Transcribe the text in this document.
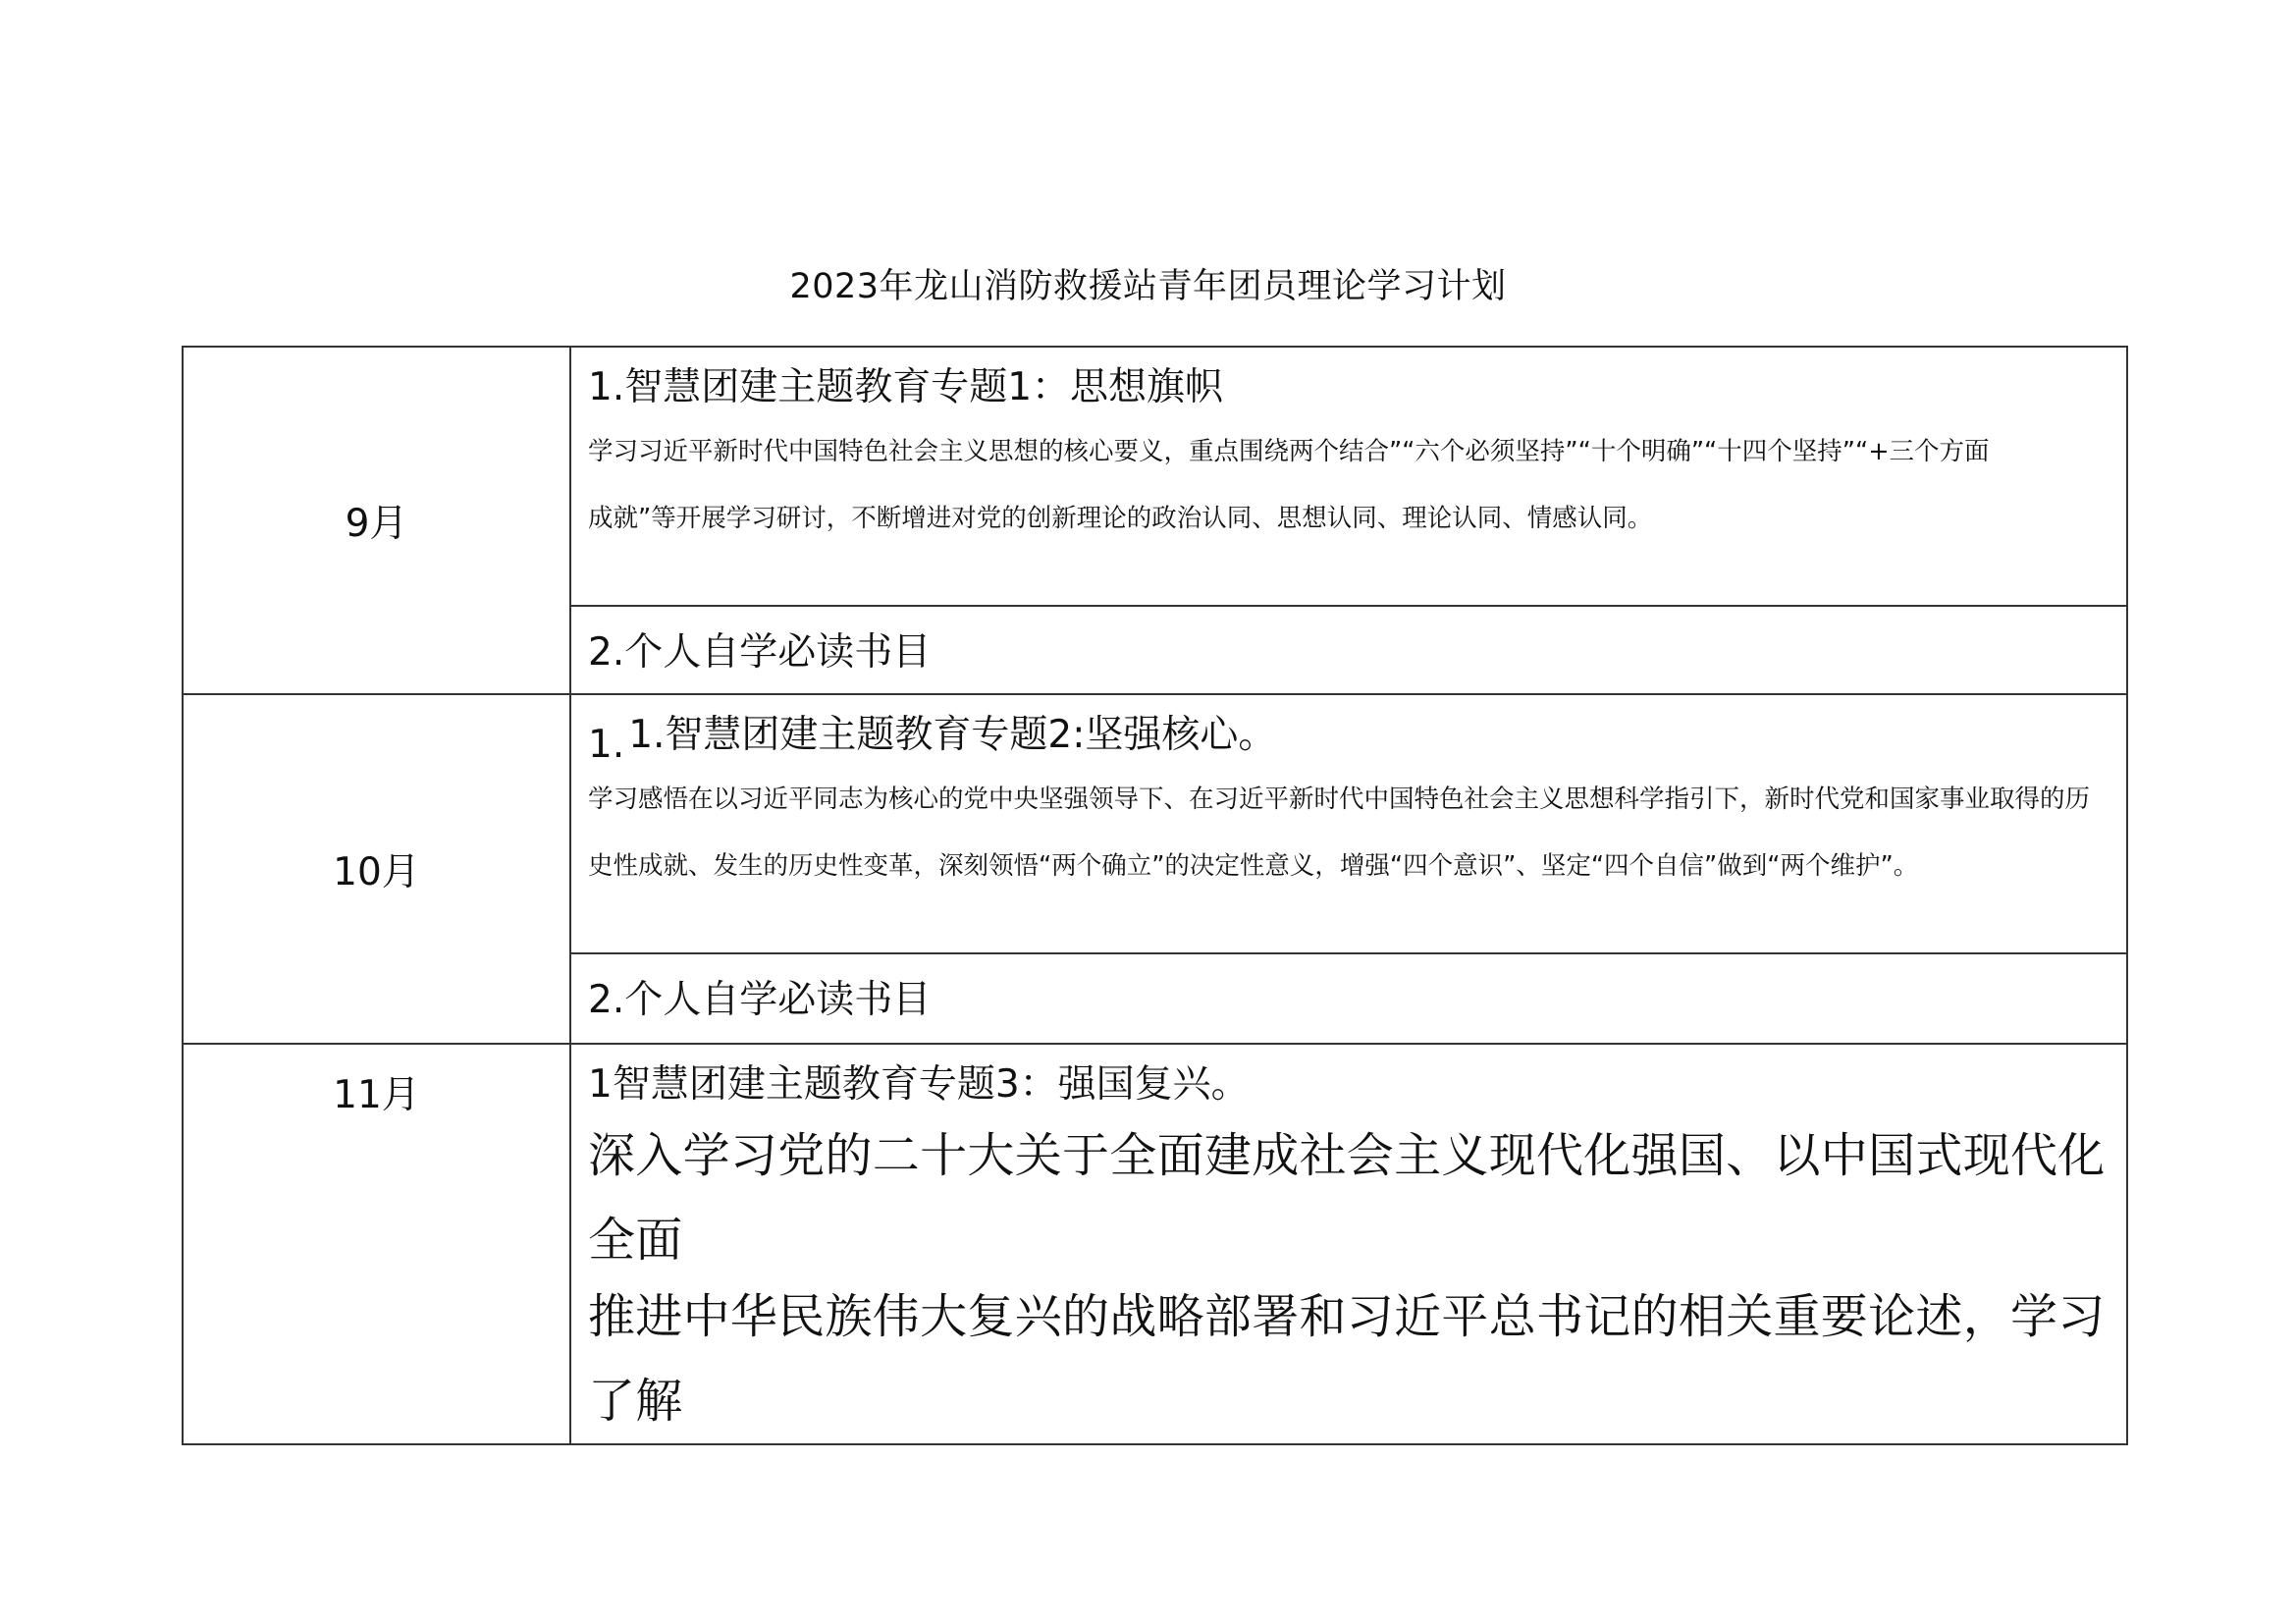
2023年龙山消防救援站青年团员理论学习计划
9月	1.智慧团建主题教育专题1：思想旗帜
学习习近平新时代中国特色社会主义思想的核心要义，重点围绕两个结合”“六个必须坚持”“十个明确”“十四个坚持”“+三个方面
成就”等开展学习研讨，不断增进对党的创新理论的政治认同、思想认同、理论认同、情感认同。

	2.个人自学必读书目

10月	1. 1.智慧团建主题教育专题2:坚强核心。
学习感悟在以习近平同志为核心的党中央坚强领导下、在习近平新时代中国特色社会主义思想科学指引下，新时代党和国家事业取得的历
史性成就、发生的历史性变革，深刻领悟“两个确立”的决定性意义，增强“四个意识”、坚定“四个自信”做到“两个维护”。

	2.个人自学必读书目

11月	1智慧团建主题教育专题3：强国复兴。
深入学习党的二十大关于全面建成社会主义现代化强国、以中国式现代化全面
推进中华民族伟大复兴的战略部署和习近平总书记的相关重要论述，学习了解
